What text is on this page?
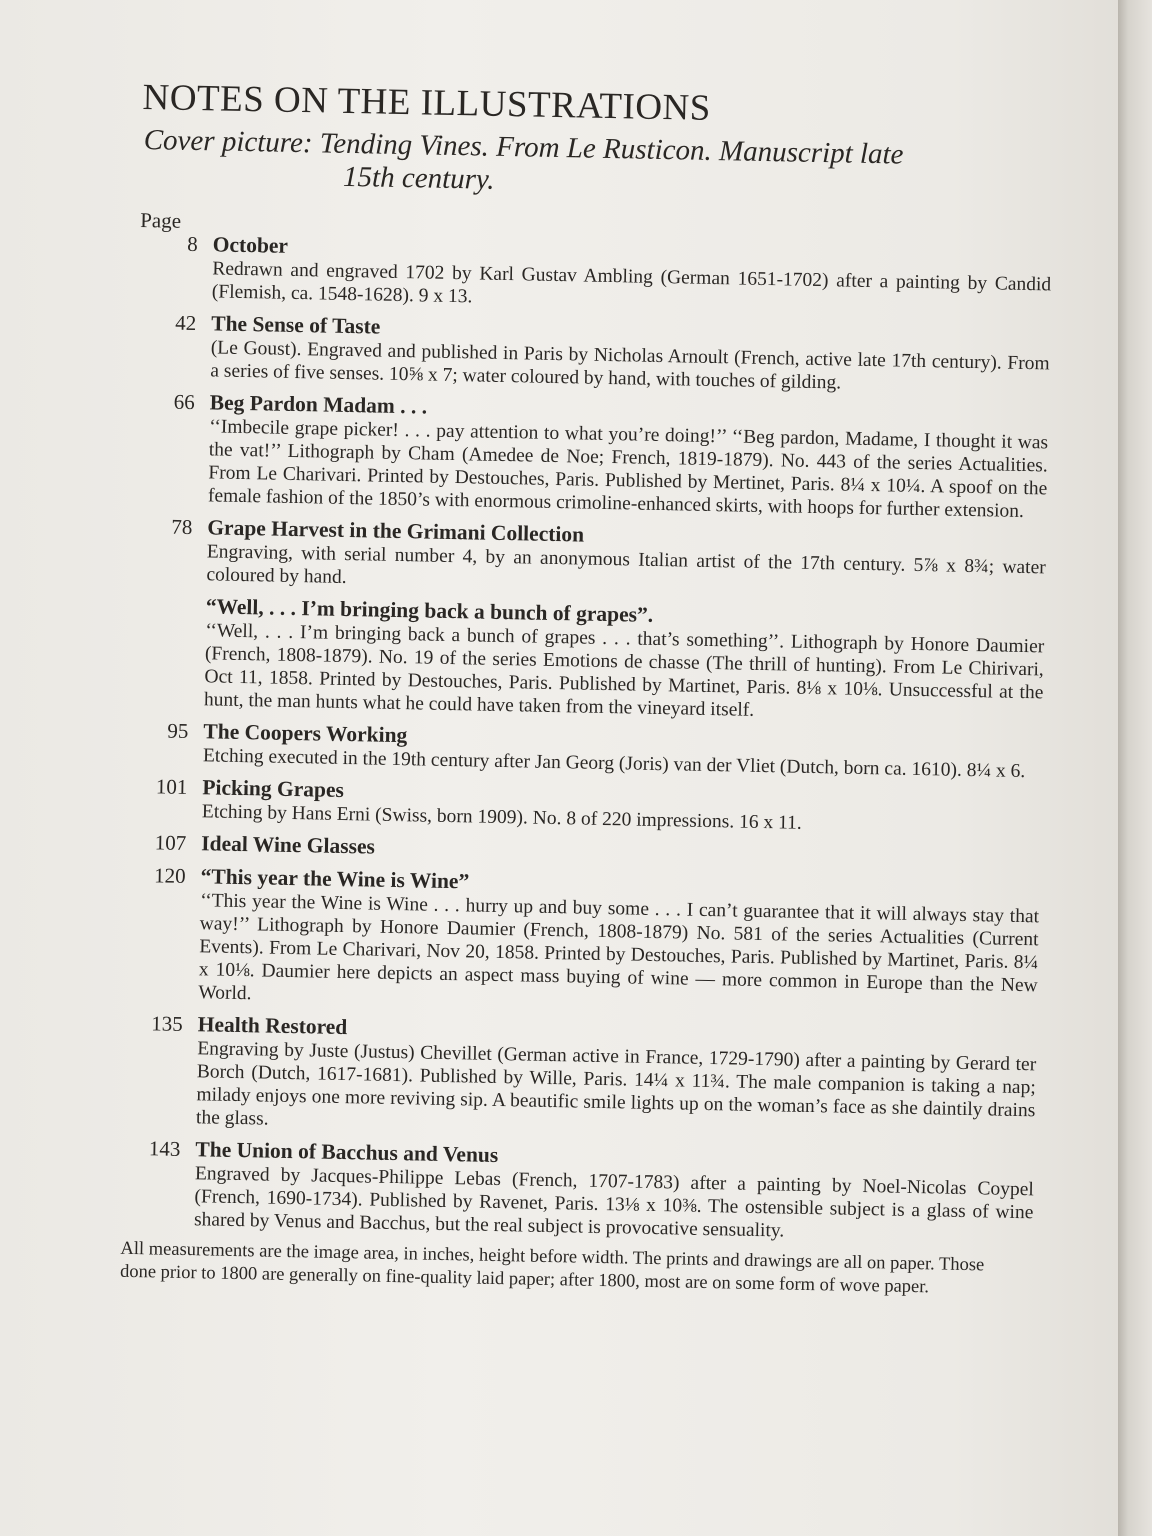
NOTES ON THE ILLUSTRATIONS
Cover picture: Tending Vines. From Le Rusticon. Manuscript late
15th century.
Page
8 October
Redrawn and engraved 1702 by Karl Gustav Ambling (German 1651-1702) after a painting by Candid (Flemish, ca. 1548-1628). 9 x 13.
42 The Sense of Taste
(Le Goust). Engraved and published in Paris by Nicholas Arnoult (French, active late 17th century). From a series of five senses. 10⅝ x 7; water coloured by hand, with touches of gilding.
66 Beg Pardon Madam . . .
‘‘Imbecile grape picker! . . . pay attention to what you’re doing!’’ ‘‘Beg pardon, Madame, I thought it was the vat!’’ Lithograph by Cham (Amedee de Noe; French, 1819-1879). No. 443 of the series Actualities. From Le Charivari. Printed by Destouches, Paris. Published by Mertinet, Paris. 8¼ x 10¼. A spoof on the female fashion of the 1850’s with enormous crimoline-enhanced skirts, with hoops for further extension.
78 Grape Harvest in the Grimani Collection
Engraving, with serial number 4, by an anonymous Italian artist of the 17th century. 5⅞ x 8¾; water coloured by hand.
“Well, . . . I’m bringing back a bunch of grapes”.
‘‘Well, . . . I’m bringing back a bunch of grapes . . . that’s something’’. Lithograph by Honore Daumier (French, 1808-1879). No. 19 of the series Emotions de chasse (The thrill of hunting). From Le Chirivari, Oct 11, 1858. Printed by Destouches, Paris. Published by Martinet, Paris. 8⅛ x 10⅛. Unsuccessful at the hunt, the man hunts what he could have taken from the vineyard itself.
95 The Coopers Working
Etching executed in the 19th century after Jan Georg (Joris) van der Vliet (Dutch, born ca. 1610). 8¼ x 6.
101 Picking Grapes
Etching by Hans Erni (Swiss, born 1909). No. 8 of 220 impressions. 16 x 11.
107 Ideal Wine Glasses
120 “This year the Wine is Wine”
‘‘This year the Wine is Wine . . . hurry up and buy some . . . I can’t guarantee that it will always stay that way!’’ Lithograph by Honore Daumier (French, 1808-1879) No. 581 of the series Actualities (Current Events). From Le Charivari, Nov 20, 1858. Printed by Destouches, Paris. Published by Martinet, Paris. 8¼ x 10⅛. Daumier here depicts an aspect mass buying of wine — more common in Europe than the New World.
135 Health Restored
Engraving by Juste (Justus) Chevillet (German active in France, 1729-1790) after a painting by Gerard ter Borch (Dutch, 1617-1681). Published by Wille, Paris. 14¼ x 11¾. The male companion is taking a nap; milady enjoys one more reviving sip. A beautific smile lights up on the woman’s face as she daintily drains the glass.
143 The Union of Bacchus and Venus
Engraved by Jacques-Philippe Lebas (French, 1707-1783) after a painting by Noel-Nicolas Coypel (French, 1690-1734). Published by Ravenet, Paris. 13⅛ x 10⅜. The ostensible subject is a glass of wine shared by Venus and Bacchus, but the real subject is provocative sensuality.
All measurements are the image area, in inches, height before width. The prints and drawings are all on paper. Those done prior to 1800 are generally on fine-quality laid paper; after 1800, most are on some form of wove paper.
